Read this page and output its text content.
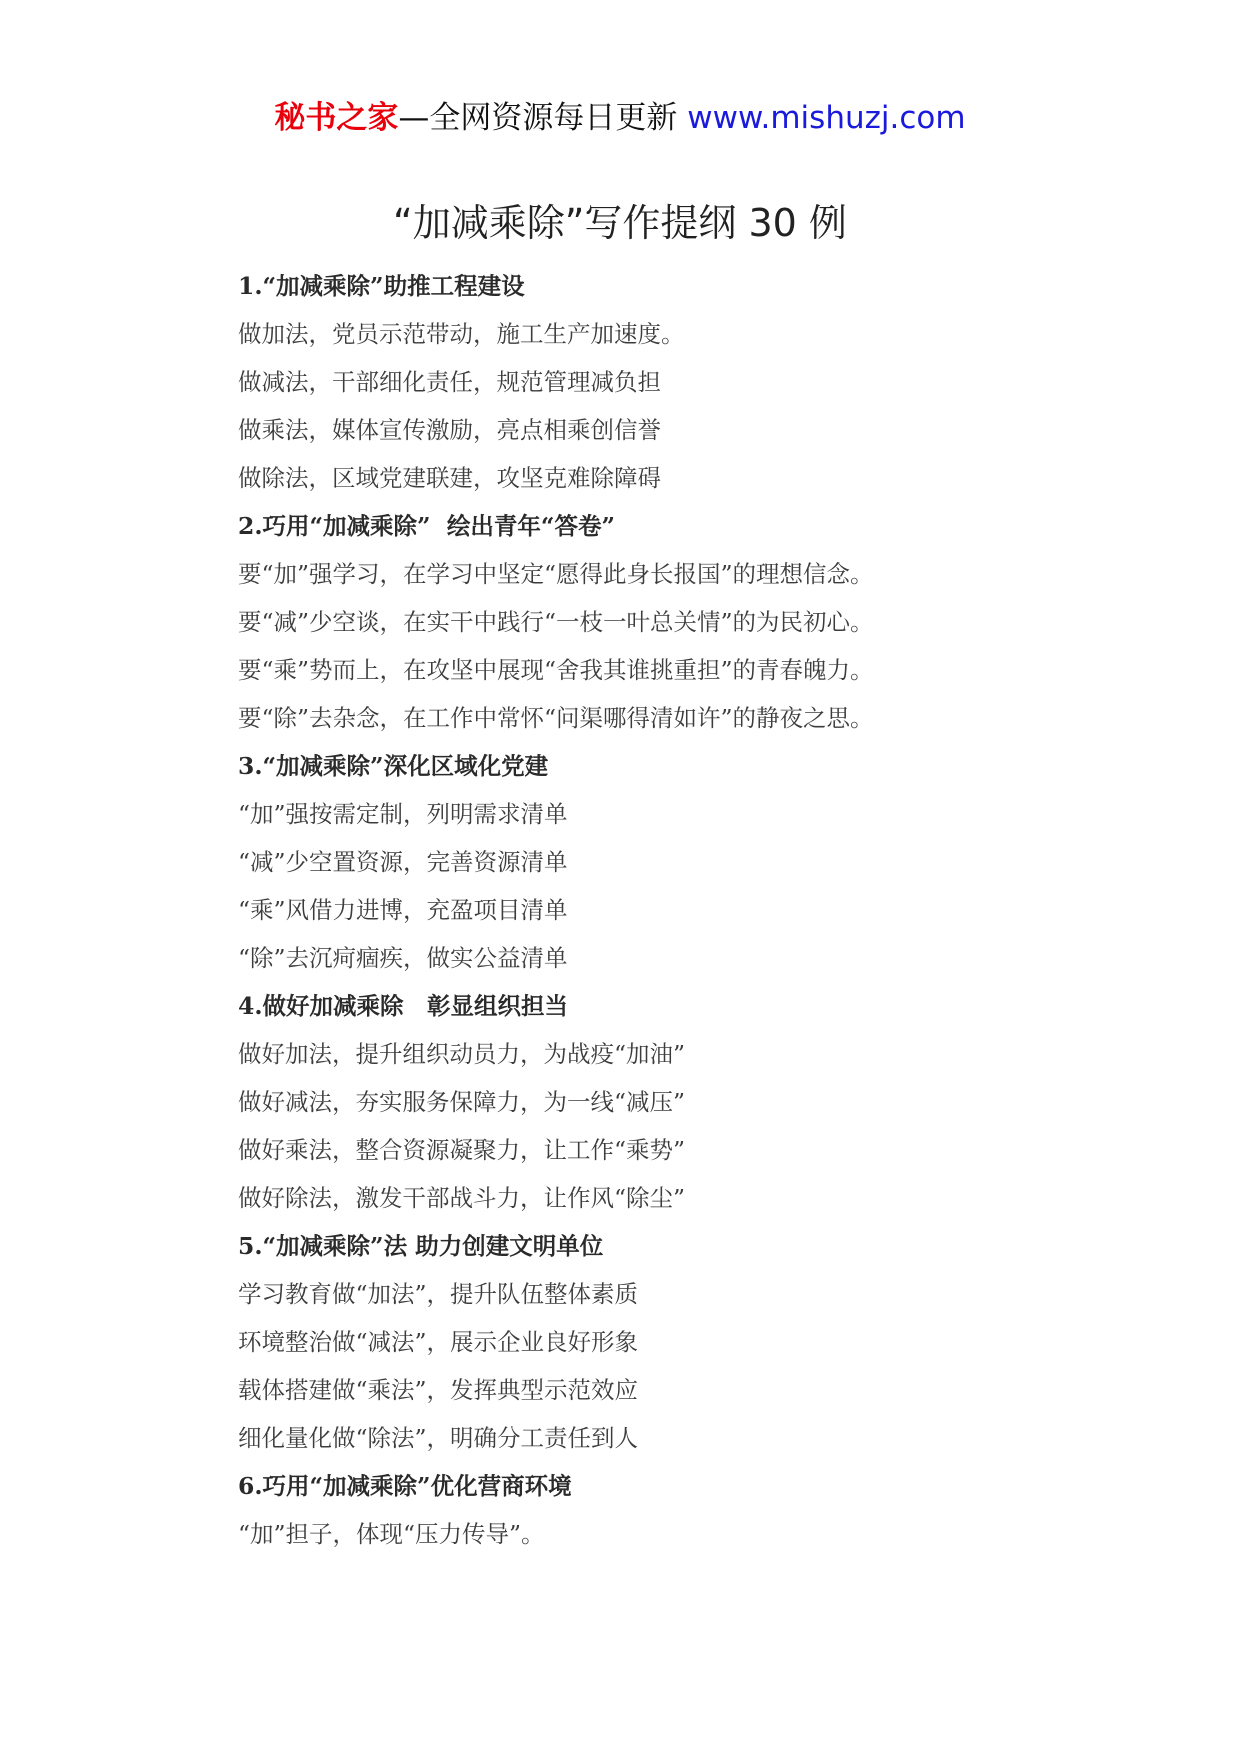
秘书之家—全网资源每日更新 www.mishuzj.com
“加减乘除”写作提纲 30 例
1.“加减乘除”助推工程建设
做加法，党员示范带动，施工生产加速度。
做减法，干部细化责任，规范管理减负担
做乘法，媒体宣传激励，亮点相乘创信誉
做除法，区域党建联建，攻坚克难除障碍
2.巧用“加减乘除”  绘出青年“答卷”
要“加”强学习，在学习中坚定“愿得此身长报国”的理想信念。
要“减”少空谈，在实干中践行“一枝一叶总关情”的为民初心。
要“乘”势而上，在攻坚中展现“舍我其谁挑重担”的青春魄力。
要“除”去杂念，在工作中常怀“问渠哪得清如许”的静夜之思。
3.“加减乘除”深化区域化党建
“加”强按需定制，列明需求清单
“减”少空置资源，完善资源清单
“乘”风借力进博，充盈项目清单
“除”去沉疴痼疾，做实公益清单
4.做好加减乘除　彰显组织担当
做好加法，提升组织动员力，为战疫“加油”
做好减法，夯实服务保障力，为一线“减压”
做好乘法，整合资源凝聚力，让工作“乘势”
做好除法，激发干部战斗力，让作风“除尘”
5.“加减乘除”法 助力创建文明单位
学习教育做“加法”，提升队伍整体素质
环境整治做“减法”，展示企业良好形象
载体搭建做“乘法”，发挥典型示范效应
细化量化做“除法”，明确分工责任到人
6.巧用“加减乘除”优化营商环境
“加”担子，体现“压力传导”。
